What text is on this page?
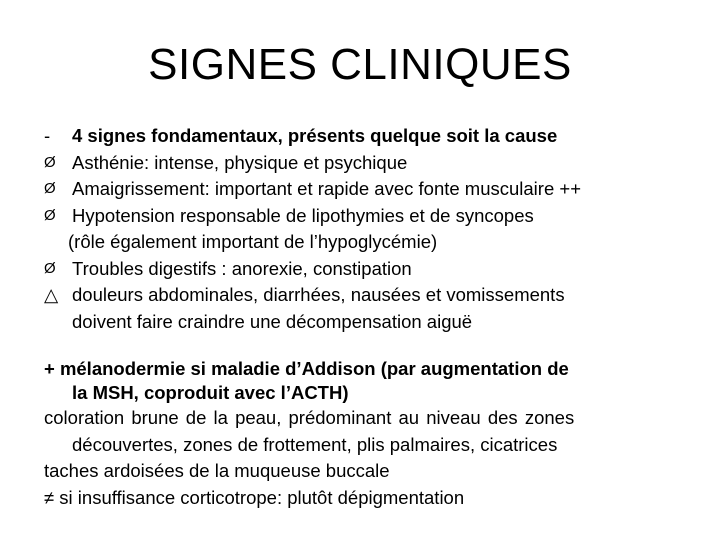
SIGNES CLINIQUES
-	4 signes fondamentaux, présents quelque soit la cause
Ø Asthénie: intense, physique et psychique
Ø Amaigrissement: important et rapide avec fonte musculaire ++
Ø Hypotension responsable de lipothymies et de syncopes
(rôle également important de l’hypoglycémie)
Ø Troubles digestifs : anorexie, constipation
△ douleurs abdominales, diarrhées, nausées et vomissements
doivent faire craindre une décompensation aiguë

+ mélanodermie si maladie d’Addison (par augmentation de

la MSH, coproduit avec l’ACTH)

coloration brune de la peau, prédominant au niveau des zones

découvertes, zones de frottement, plis palmaires, cicatrices

taches ardoisées de la muqueuse buccale

≠ si insuffisance corticotrope: plutôt dépigmentation
